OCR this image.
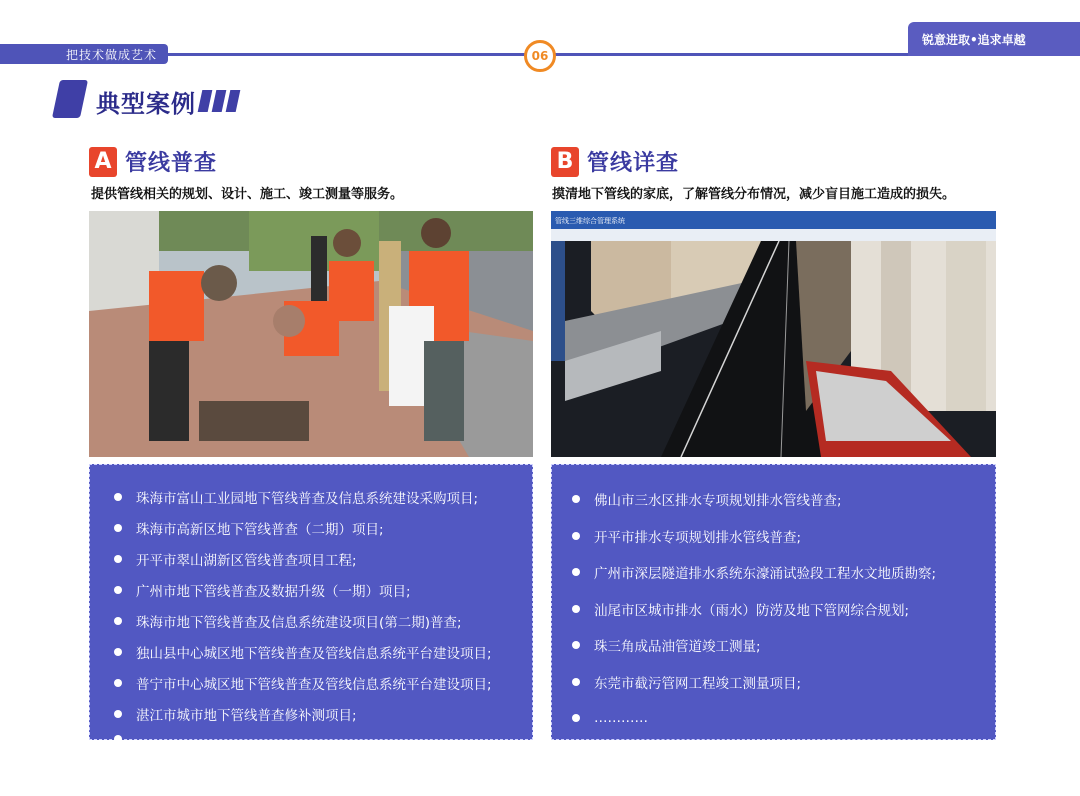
把技术做成艺术	06
锐意进取•追求卓越
典型案例
A 管线普查
提供管线相关的规划、设计、施工、竣工测量等服务。
B 管线详查
摸清地下管线的家底，了解管线分布情况，减少盲目施工造成的损失。
管线三维综合管理系统
珠海市富山工业园地下管线普查及信息系统建设采购项目;
珠海市高新区地下管线普查（二期）项目;
开平市翠山湖新区管线普查项目工程;
广州市地下管线普查及数据升级（一期）项目;
珠海市地下管线普查及信息系统建设项目(第二期)普查;
独山县中心城区地下管线普查及管线信息系统平台建设项目;
普宁市中心城区地下管线普查及管线信息系统平台建设项目;
湛江市城市地下管线普查修补测项目;
…………
佛山市三水区排水专项规划排水管线普查;
开平市排水专项规划排水管线普查;
广州市深层隧道排水系统东濠涌试验段工程水文地质勘察;
汕尾市区城市排水（雨水）防涝及地下管网综合规划;
珠三角成品油管道竣工测量;
东莞市截污管网工程竣工测量项目;
…………
